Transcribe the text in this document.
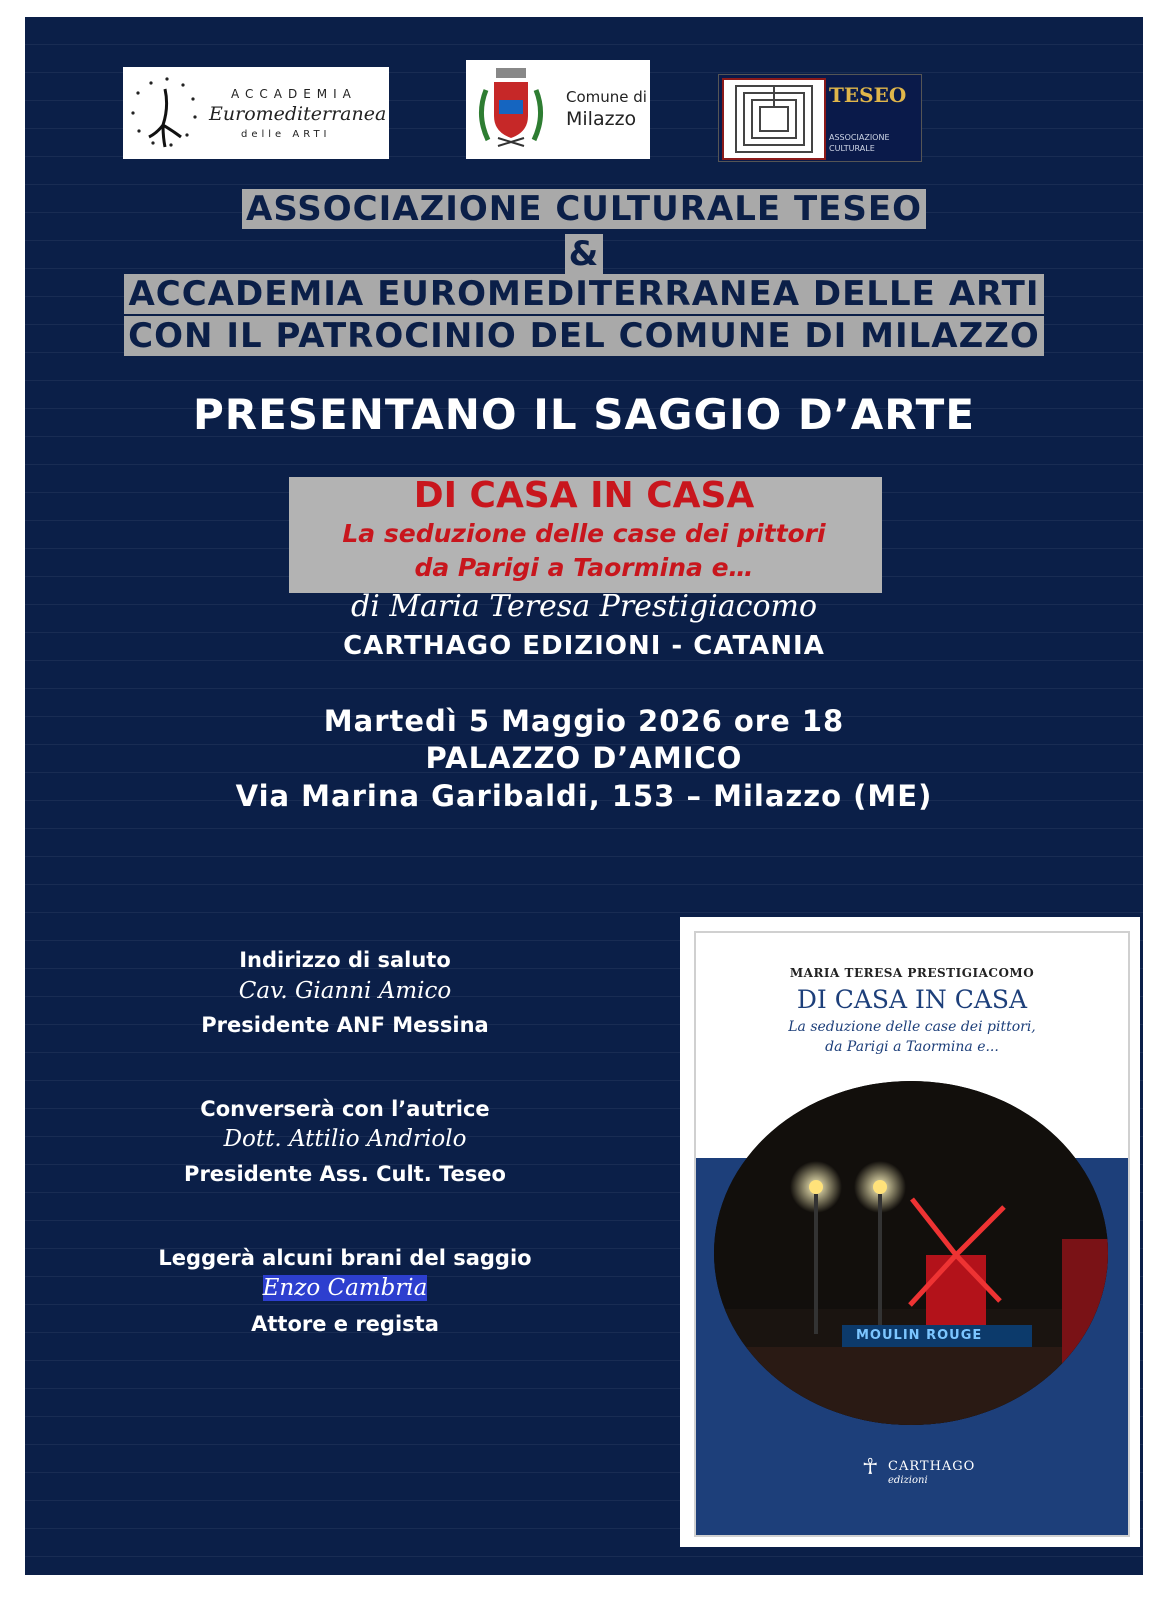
ACCADEMIA
Euromediterranea
delle ARTI
Comune di
Milazzo
TESEO
ASSOCIAZIONE
CULTURALE
ASSOCIAZIONE CULTURALE TESEO
&
ACCADEMIA EUROMEDITERRANEA DELLE ARTI
CON IL PATROCINIO DEL COMUNE DI MILAZZO
PRESENTANO IL SAGGIO D’ARTE
DI CASA IN CASA
La seduzione delle case dei pittori
da Parigi a Taormina e…
di Maria Teresa Prestigiacomo
CARTHAGO EDIZIONI - CATANIA
Martedì 5 Maggio 2026 ore 18
PALAZZO D’AMICO
Via Marina Garibaldi, 153 – Milazzo (ME)
Indirizzo di saluto
Cav. Gianni Amico
Presidente ANF Messina
Converserà con l’autrice
Dott. Attilio Andriolo
Presidente Ass. Cult. Teseo
Leggerà alcuni brani del saggio
Enzo Cambria
Attore e regista
MARIA TERESA PRESTIGIACOMO
DI CASA IN CASA
La seduzione delle case dei pittori,
da Parigi a Taormina e...
MOULIN ROUGE
☥ CARTHAGO
edizioni
